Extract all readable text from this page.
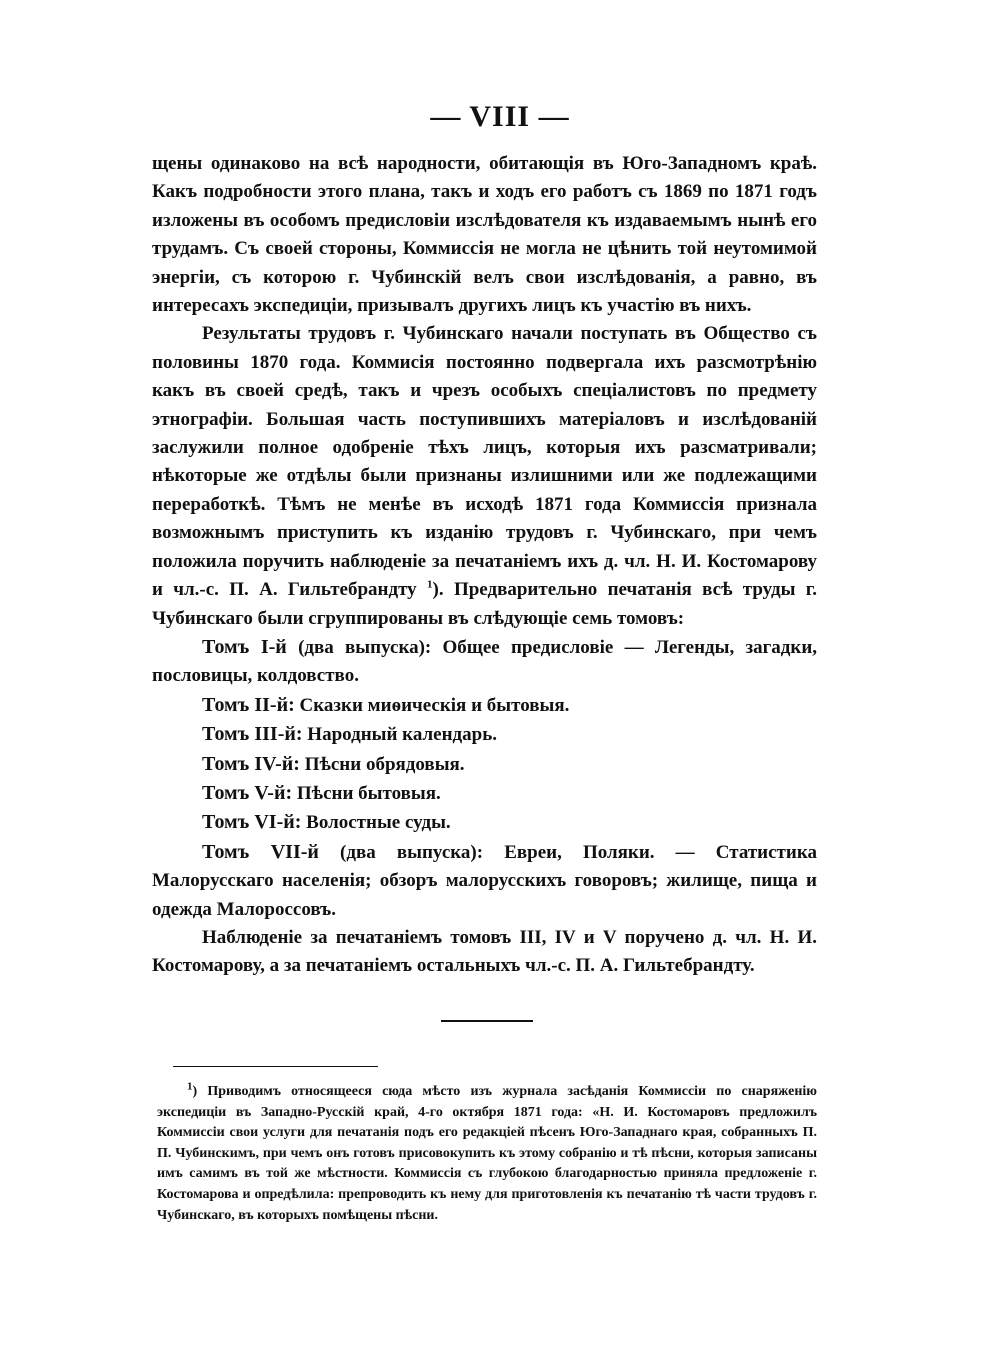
— VIII —

щены одинаково на всѣ народности, обитающія въ Юго-Западномъ краѣ. Какъ подробности этого плана, такъ и ходъ его работъ съ 1869 по 1871 годъ изложены въ особомъ предисловіи изслѣдователя къ издаваемымъ нынѣ его трудамъ. Съ своей стороны, Коммиссія не могла не цѣнить той неутомимой энергіи, съ которою г. Чубинскій велъ свои изслѣдованія, а равно, въ интересахъ экспедиціи, призывалъ другихъ лицъ къ участію въ нихъ.

Результаты трудовъ г. Чубинскаго начали поступать въ Общество съ половины 1870 года. Коммисія постоянно подвергала ихъ разсмотрѣнію какъ въ своей средѣ, такъ и чрезъ особыхъ спеціалистовъ по предмету этнографіи. Большая часть поступившихъ матеріаловъ и изслѣдованій заслужили полное одобреніе тѣхъ лицъ, которыя ихъ разсматривали; нѣкоторые же отдѣлы были признаны излишними или же подлежащими переработкѣ. Тѣмъ не менѣе въ исходѣ 1871 года Коммиссія признала возможнымъ приступить къ изданію трудовъ г. Чубинскаго, при чемъ положила поручить наблюденіе за печатаніемъ ихъ д. чл. Н. И. Костомарову и чл.-с. П. А. Гильтебрандту $^1$). Предварительно печатанія всѣ труды г. Чубинскаго были сгруппированы въ слѣдующіе семь томовъ:

Томъ I-й (два выпуска): Общее предисловіе — Легенды, загадки, пословицы, колдовство.

Томъ II-й: Сказки миѳическія и бытовыя.

Томъ III-й: Народный календарь.

Томъ IV-й: Пѣсни обрядовыя.

Томъ V-й: Пѣсни бытовыя.

Томъ VI-й: Волостные суды.

Томъ VII-й (два выпуска): Евреи, Поляки. — Статистика Малорусскаго населенія; обзоръ малорусскихъ говоровъ; жилище, пища и одежда Малороссовъ.

Наблюденіе за печатаніемъ томовъ III, IV и V поручено д. чл. Н. И. Костомарову, а за печатаніемъ остальныхъ чл.-с. П. А. Гильтебрандту.

$^1$) Приводимъ относящееся сюда мѣсто изъ журнала засѣданія Коммиссіи по снаряженію экспедиціи въ Западно-Русскій край, 4-го октября 1871 года: «Н. И. Костомаровъ предложилъ Коммиссіи свои услуги для печатанія подъ его редакціей пѣсенъ Юго-Западнаго края, собранныхъ П. П. Чубинскимъ, при чемъ онъ готовъ присовокупить къ этому собранію и тѣ пѣсни, которыя записаны имъ самимъ въ той же мѣстности. Коммиссія съ глубокою благодарностью приняла предложеніе г. Костомарова и опредѣлила: препроводить къ нему для приготовленія къ печатанію тѣ части трудовъ г. Чубинскаго, въ которыхъ помѣщены пѣсни.
